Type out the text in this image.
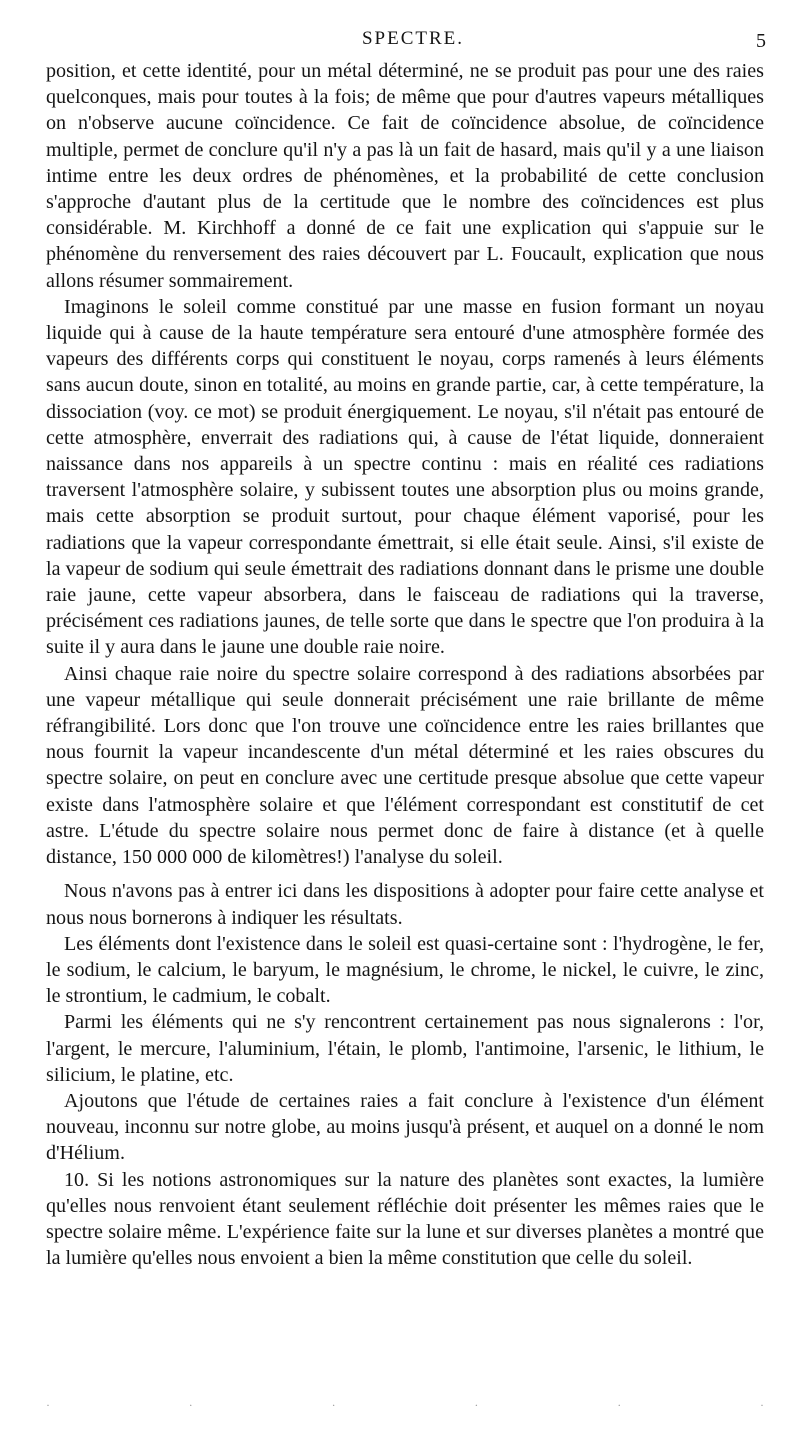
SPECTRE.	5

position, et cette identité, pour un métal déterminé, ne se produit pas pour une des raies quelconques, mais pour toutes à la fois; de même que pour d'autres vapeurs métalliques on n'observe aucune coïncidence. Ce fait de coïncidence absolue, de coïncidence multiple, permet de conclure qu'il n'y a pas là un fait de hasard, mais qu'il y a une liaison intime entre les deux ordres de phénomènes, et la probabilité de cette conclusion s'approche d'autant plus de la certitude que le nombre des coïncidences est plus considérable. M. Kirchhoff a donné de ce fait une explication qui s'appuie sur le phénomène du renversement des raies découvert par L. Foucault, explication que nous allons résumer sommairement.

Imaginons le soleil comme constitué par une masse en fusion formant un noyau liquide qui à cause de la haute température sera entouré d'une atmosphère formée des vapeurs des différents corps qui constituent le noyau, corps ramenés à leurs éléments sans aucun doute, sinon en totalité, au moins en grande partie, car, à cette température, la dissociation (voy. ce mot) se produit énergiquement. Le noyau, s'il n'était pas entouré de cette atmosphère, enverrait des radiations qui, à cause de l'état liquide, donneraient naissance dans nos appareils à un spectre continu : mais en réalité ces radiations traversent l'atmosphère solaire, y subissent toutes une absorption plus ou moins grande, mais cette absorption se produit surtout, pour chaque élément vaporisé, pour les radiations que la vapeur correspondante émettrait, si elle était seule. Ainsi, s'il existe de la vapeur de sodium qui seule émettrait des radiations donnant dans le prisme une double raie jaune, cette vapeur absorbera, dans le faisceau de radiations qui la traverse, précisément ces radiations jaunes, de telle sorte que dans le spectre que l'on produira à la suite il y aura dans le jaune une double raie noire.

Ainsi chaque raie noire du spectre solaire correspond à des radiations absorbées par une vapeur métallique qui seule donnerait précisément une raie brillante de même réfrangibilité. Lors donc que l'on trouve une coïncidence entre les raies brillantes que nous fournit la vapeur incandescente d'un métal déterminé et les raies obscures du spectre solaire, on peut en conclure avec une certitude presque absolue que cette vapeur existe dans l'atmosphère solaire et que l'élément correspondant est constitutif de cet astre. L'étude du spectre solaire nous permet donc de faire à distance (et à quelle distance, 150 000 000 de kilomètres!) l'analyse du soleil.

Nous n'avons pas à entrer ici dans les dispositions à adopter pour faire cette analyse et nous nous bornerons à indiquer les résultats.

Les éléments dont l'existence dans le soleil est quasi-certaine sont : l'hydrogène, le fer, le sodium, le calcium, le baryum, le magnésium, le chrome, le nickel, le cuivre, le zinc, le strontium, le cadmium, le cobalt.

Parmi les éléments qui ne s'y rencontrent certainement pas nous signalerons : l'or, l'argent, le mercure, l'aluminium, l'étain, le plomb, l'antimoine, l'arsenic, le lithium, le silicium, le platine, etc.

Ajoutons que l'étude de certaines raies a fait conclure à l'existence d'un élément nouveau, inconnu sur notre globe, au moins jusqu'à présent, et auquel on a donné le nom d'Hélium.

10. Si les notions astronomiques sur la nature des planètes sont exactes, la lumière qu'elles nous renvoient étant seulement réfléchie doit présenter les mêmes raies que le spectre solaire même. L'expérience faite sur la lune et sur diverses planètes a montré que la lumière qu'elles nous envoient a bien la même constitution que celle du soleil.

·	·	·	·	·	·
